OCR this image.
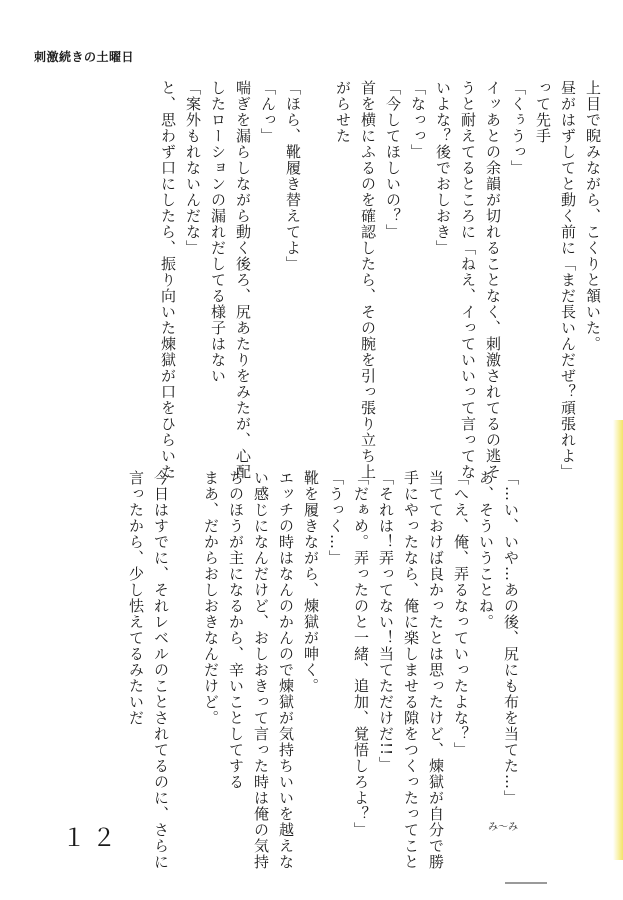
刺激続きの土曜日
上目で睨みながら、こくりと頷いた。
昼がはずしてと動く前に「まだ長いんだぜ？頑張れよ」
って先手
「くぅうっ」
イッあとの余韻が切れることなく、刺激されてるの逃そ
うと耐えてるところに「ねえ、イっていいって言ってな
いよな？後でおしおき」
「なっっ」
「今してほしいの？」
首を横にふるのを確認したら、その腕を引っ張り立ち上
がらせた

「ほら、靴履き替えてよ」
「んっ」
喘ぎを漏らしながら動く後ろ、尻あたりをみたが、心配
したローションの漏れだしてる様子はない
「案外もれないんだな」
と、思わず口にしたら、振り向いた煉獄が口をひらいた
「…い、いや…あの後、尻にも布を当てた…」
あ、そういうことね。
「へえ、俺、弄るなっていったよな？」
当てておけば良かったとは思ったけど、煉獄が自分で勝
手にやったなら、俺に楽しませる隙をつくったってこと
「それは！弄ってない！当てただけだ!!」
「だぁめ。弄ったのと一緒、追加、覚悟しろよ？」
「うっく…」
靴を履きながら、煉獄が呻く。
エッチの時はなんのかんので煉獄が気持ちいいを越えな
い感じになんだけど、おしおきって言った時は俺の気持
ちのほうが主になるから、辛いことしてする
まあ、だからおしおきなんだけど。

今日はすでに、それレベルのことされてるのに、さらに
言ったから、少し怯えてるみたいだ
１２	み～み
